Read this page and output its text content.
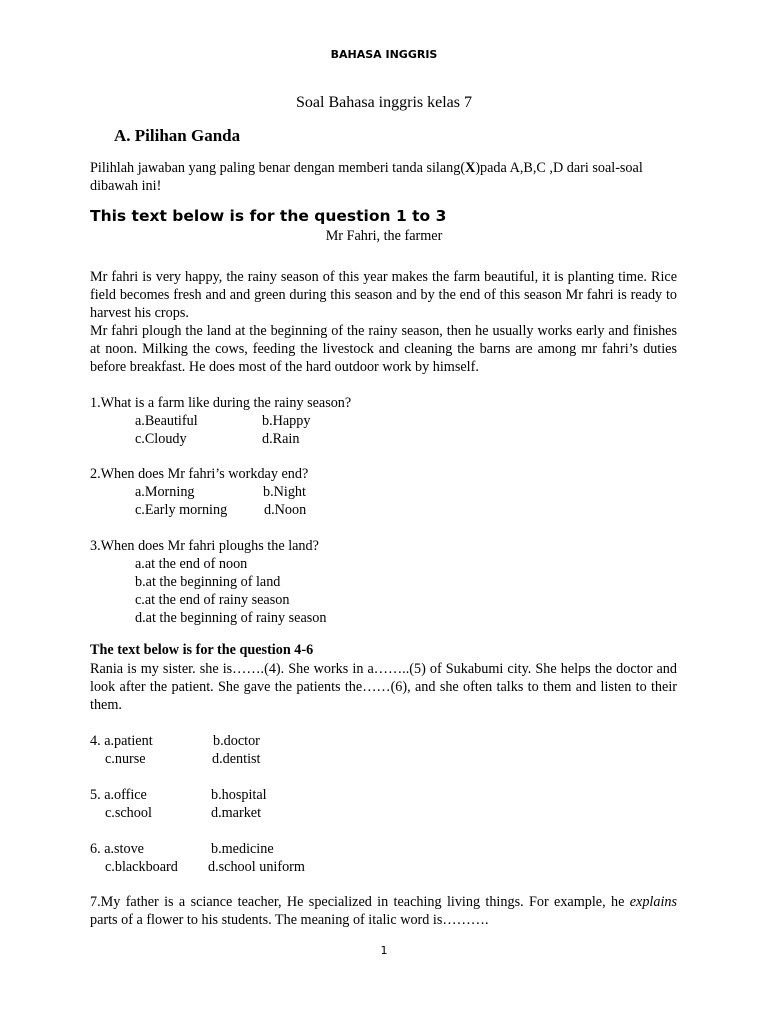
BAHASA INGGRIS
Soal Bahasa inggris kelas 7
A. Pilihan Ganda
Pilihlah jawaban yang paling benar dengan memberi tanda silang(X)pada A,B,C ,D dari soal-soal dibawah ini!
This text below is for the question 1 to 3
Mr Fahri, the farmer

Mr fahri is very happy, the rainy season of this year makes the farm beautiful, it is planting time. Rice field becomes fresh and and green during this season and by the end of this season Mr fahri is ready to harvest his crops.

Mr fahri plough the land at the beginning of the rainy season, then he usually works early and finishes at noon. Milking the cows, feeding the livestock and cleaning the barns are among mr fahri’s duties before breakfast. He does most of the hard outdoor work by himself.

1.What is a farm like during the rainy season?
a.Beautiful	b.Happy
c.Cloudy	d.Rain
2.When does Mr fahri’s workday end?
a.Morning	b.Night
c.Early morning	d.Noon
3.When does Mr fahri ploughs the land?
a.at the end of noon
b.at the beginning of land
c.at the end of rainy season
d.at the beginning of rainy season
The text below is for the question 4-6

Rania is my sister. she is…….(4). She works in a……..(5) of Sukabumi city. She helps the doctor and look after the patient. She gave the patients the……(6), and she often talks to them and listen to their them.

4. a.patient	b.doctor
c.nurse	d.dentist
5. a.office	b.hospital
c.school	d.market
6. a.stove	b.medicine
c.blackboard d.school uniform
7.My father is a sciance teacher, He specialized in teaching living things. For example, he explains parts of a flower to his students. The meaning of italic word is……….
1
